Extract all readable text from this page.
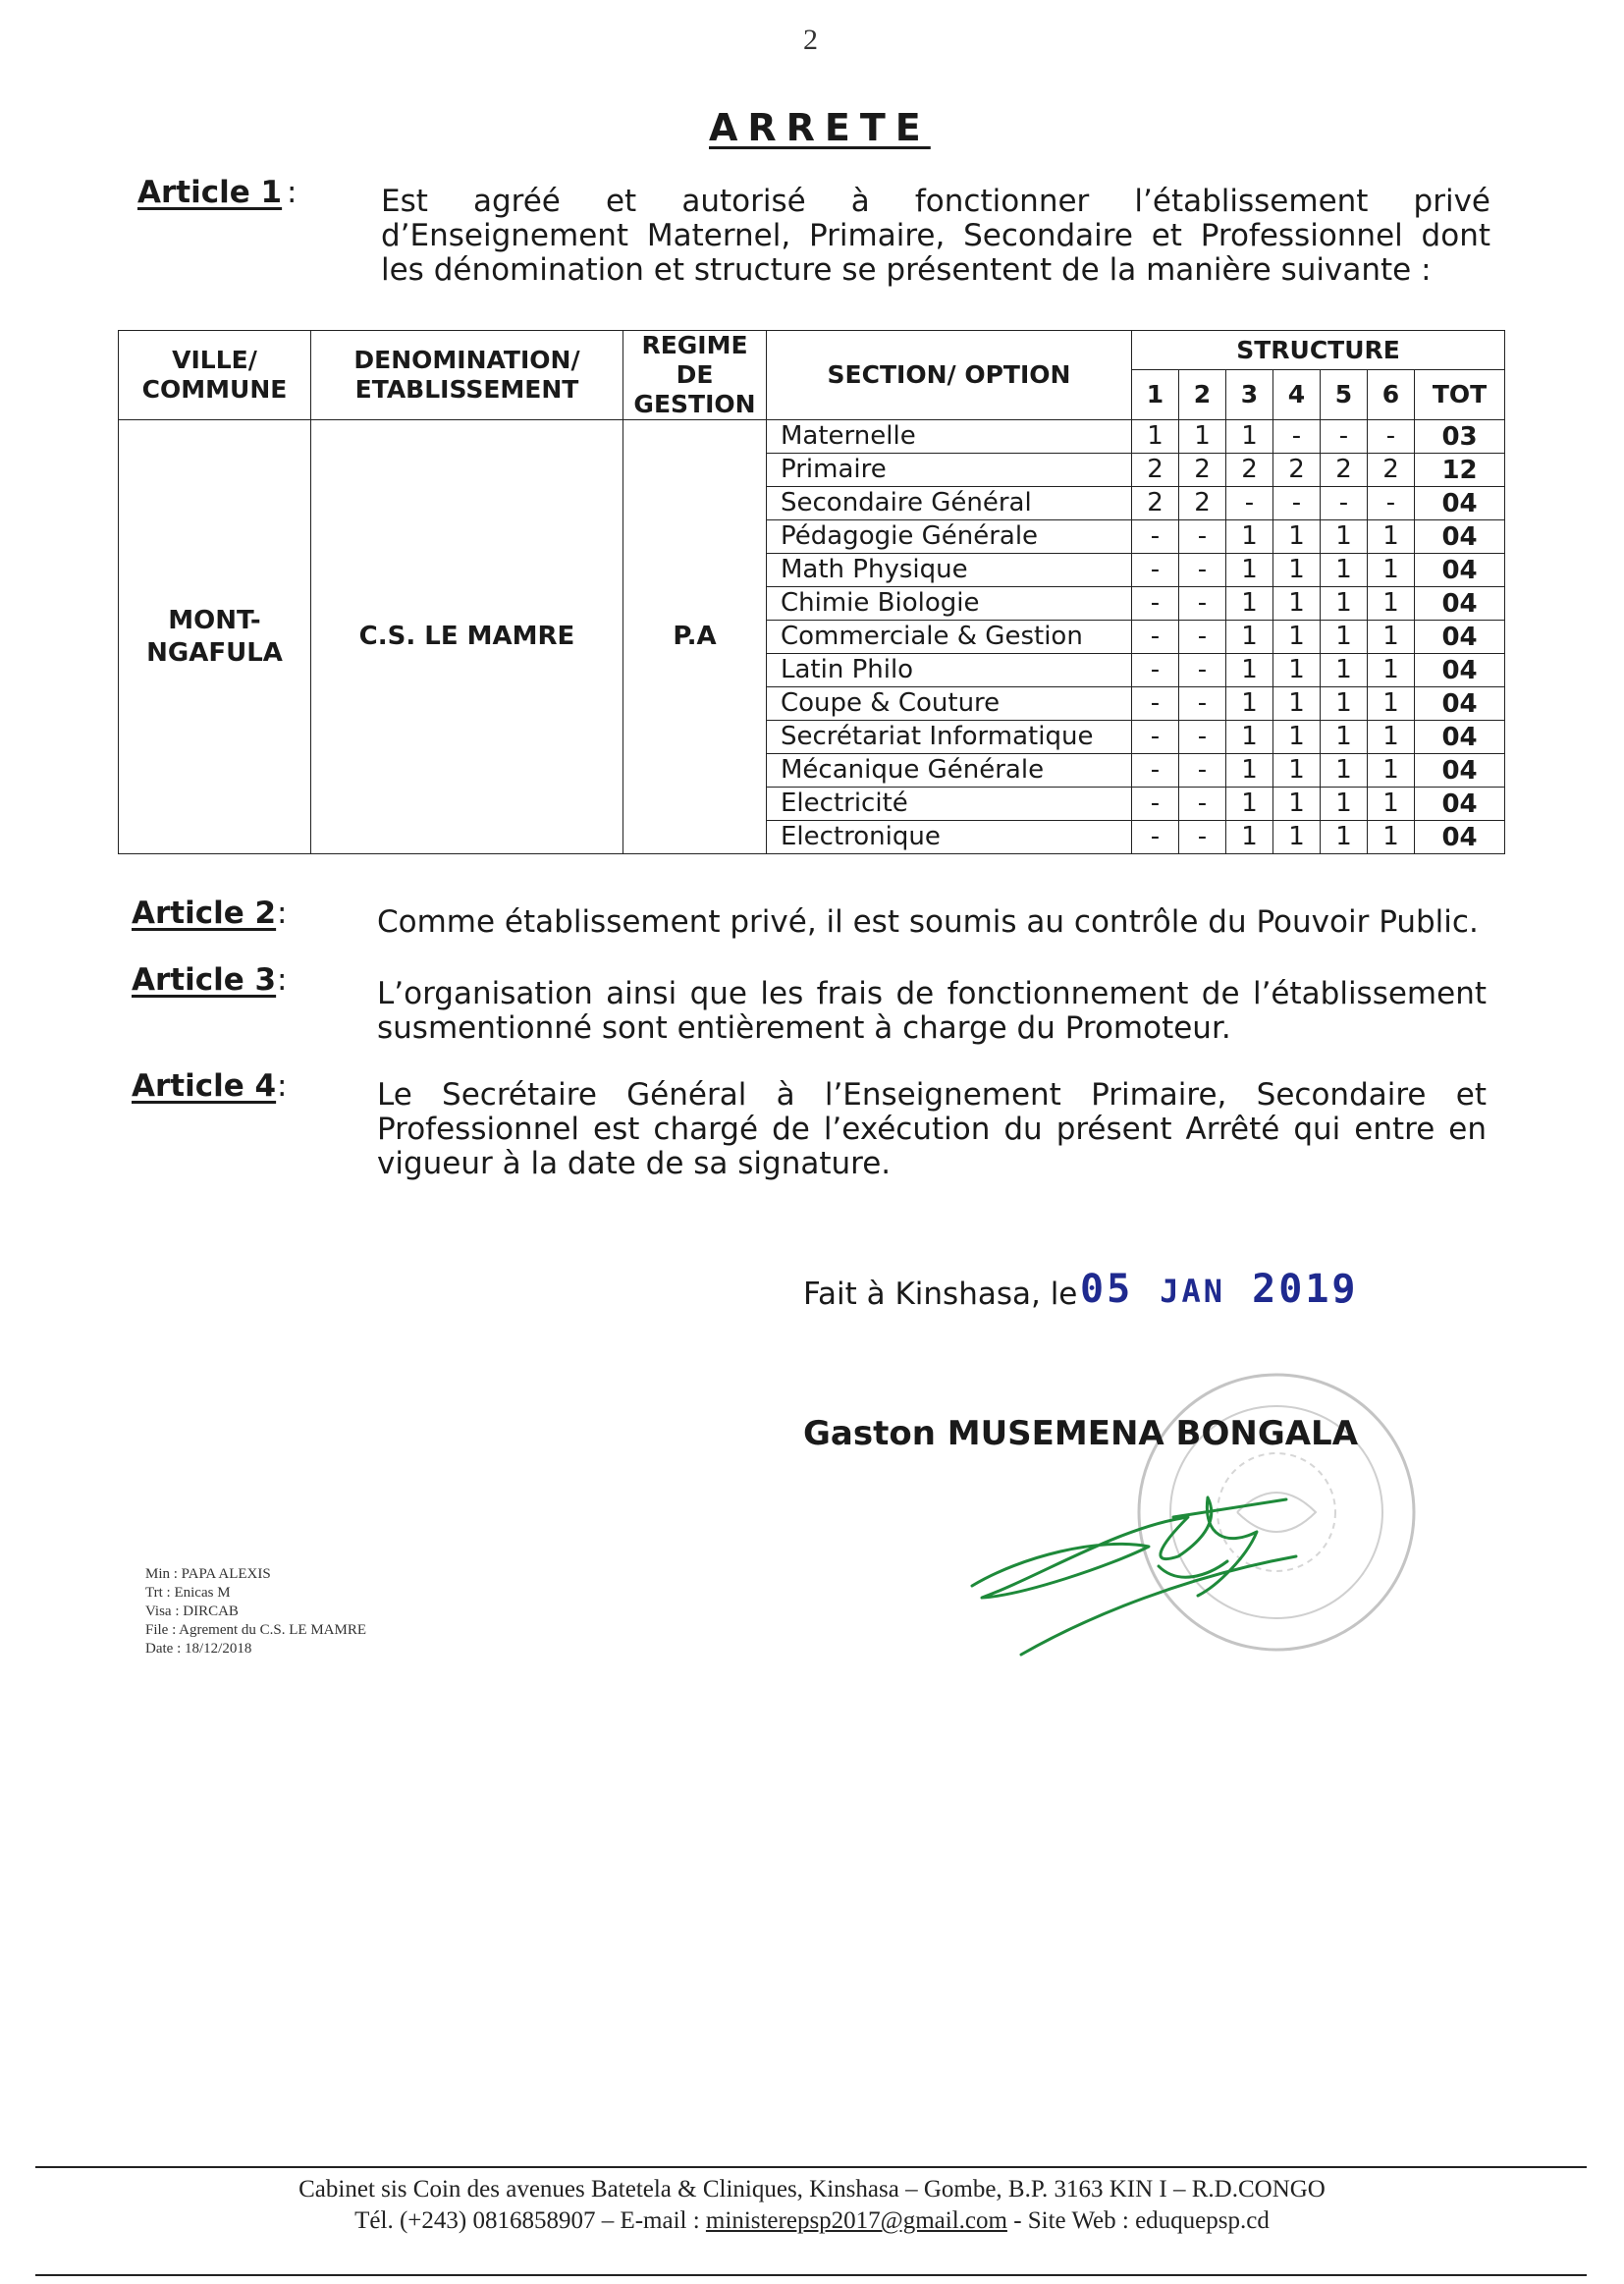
2
ARRETE
Article 1 :	Est agréé et autorisé à fonctionner l’établissement privé d’Enseignement Maternel, Primaire, Secondaire et Professionnel dont les dénomination et structure se présentent de la manière suivante :
VILLE/ COMMUNE	DENOMINATION/ ETABLISSEMENT	REGIME DE GESTION	SECTION/ OPTION	STRUCTURE						
				1	2	3	4	5	6	TOT
MONT- NGAFULA	C.S. LE MAMRE	P.A	Maternelle	1	1	1	-	-	-	03
			Primaire	2	2	2	2	2	2	12
			Secondaire Général	2	2	-	-	-	-	04
			Pédagogie Générale	-	-	1	1	1	1	04
			Math Physique	-	-	1	1	1	1	04
			Chimie Biologie	-	-	1	1	1	1	04
			Commerciale & Gestion	-	-	1	1	1	1	04
			Latin Philo	-	-	1	1	1	1	04
			Coupe & Couture	-	-	1	1	1	1	04
			Secrétariat Informatique	-	-	1	1	1	1	04
			Mécanique Générale	-	-	1	1	1	1	04
			Electricité	-	-	1	1	1	1	04
			Electronique	-	-	1	1	1	1	04
Article 2 :	Comme établissement privé, il est soumis au contrôle du Pouvoir Public.
Article 3 :	L’organisation ainsi que les frais de fonctionnement de l’établissement susmentionné sont entièrement à charge du Promoteur.
Article 4 :	Le Secrétaire Général à l’Enseignement Primaire, Secondaire et Professionnel est chargé de l’exécution du présent Arrêté qui entre en vigueur à la date de sa signature.
Fait à Kinshasa, le 05 JAN 2019
Gaston MUSEMENA BONGALA
Min : PAPA ALEXIS
Trt : Enicas M
Visa : DIRCAB
File : Agrement du C.S. LE MAMRE
Date : 18/12/2018
Cabinet sis Coin des avenues Batetela & Cliniques, Kinshasa – Gombe, B.P. 3163 KIN I – R.D.CONGO
Tél. (+243) 0816858907 – E-mail : ministerepsp2017@gmail.com - Site Web : eduquepsp.cd
